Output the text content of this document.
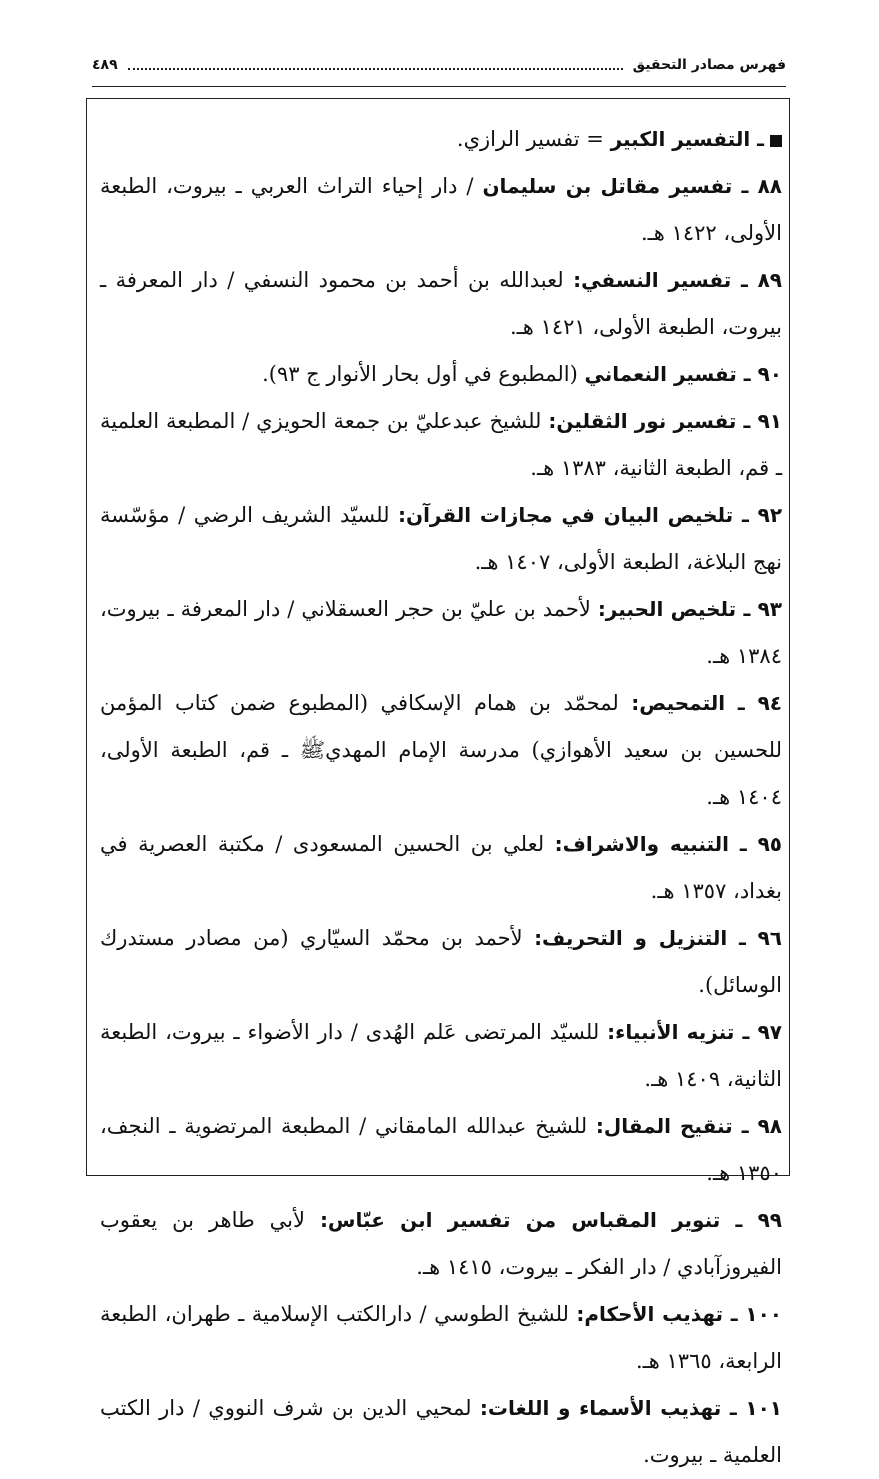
فهرس مصادر التحقيق
٤٨٩

ـ التفسير الكبير = تفسير الرازي.

٨٨ ـ تفسير مقاتل بن سليمان / دار إحياء التراث العربي ـ بيروت، الطبعة الأولى، ١٤٢٢ هـ.

٨٩ ـ تفسير النسفي: لعبدالله بن أحمد بن محمود النسفي / دار المعرفة ـ بيروت، الطبعة الأولى، ١٤٢١ هـ.

٩٠ ـ تفسير النعماني (المطبوع في أول بحار الأنوار ج ٩٣).

٩١ ـ تفسير نور الثقلين: للشيخ عبدعليّ بن جمعة الحويزي / المطبعة العلمية ـ قم، الطبعة الثانية، ١٣٨٣ هـ.

٩٢ ـ تلخيص البيان في مجازات القرآن: للسيّد الشريف الرضي / مؤسّسة نهج البلاغة، الطبعة الأولى، ١٤٠٧ هـ.

٩٣ ـ تلخيص الحبير: لأحمد بن عليّ بن حجر العسقلاني / دار المعرفة ـ بيروت، ١٣٨٤ هـ.

٩٤ ـ التمحيص: لمحمّد بن همام الإسكافي (المطبوع ضمن كتاب المؤمن للحسين بن سعيد الأهوازي) مدرسة الإمام المهديﷺ ـ قم، الطبعة الأولى، ١٤٠٤ هـ.

٩٥ ـ التنبيه والاشراف: لعلي بن الحسين المسعودى / مكتبة العصرية في بغداد، ١٣٥٧ هـ.

٩٦ ـ التنزيل و التحريف: لأحمد بن محمّد السيّاري (من مصادر مستدرك الوسائل).

٩٧ ـ تنزيه الأنبياء: للسيّد المرتضى عَلم الهُدى / دار الأضواء ـ بيروت، الطبعة الثانية، ١٤٠٩ هـ.

٩٨ ـ تنقيح المقال: للشيخ عبدالله المامقاني / المطبعة المرتضوية ـ النجف، ١٣٥٠ هـ.

٩٩ ـ تنوير المقباس من تفسير ابن عبّاس: لأبي طاهر بن يعقوب الفيروزآبادي / دار الفكر ـ بيروت، ١٤١٥ هـ.

١٠٠ ـ تهذيب الأحكام: للشيخ الطوسي / دارالكتب الإسلامية ـ طهران، الطبعة الرابعة، ١٣٦٥ هـ.

١٠١ ـ تهذيب الأسماء و اللغات: لمحيي الدين بن شرف النووي / دار الكتب العلمية ـ بيروت.
